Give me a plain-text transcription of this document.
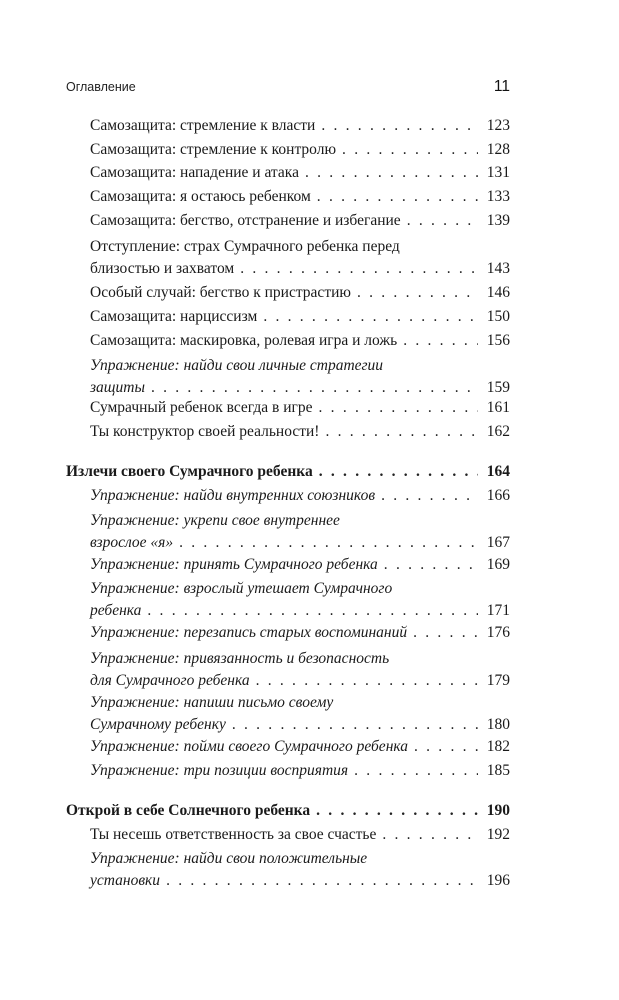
Оглавление	11
Самозащита: стремление к власти . . .	123
Самозащита: стремление к контролю . . .	128
Самозащита: нападение и атака . . .	131
Самозащита: я остаюсь ребенком . . .	133
Самозащита: бегство, отстранение и избегание . . .	139
Отступление: страх Сумрачного ребенка перед
близостью и захватом . . .	143
Особый случай: бегство к пристрастию . . .	146
Самозащита: нарциссизм . . .	150
Самозащита: маскировка, ролевая игра и ложь . . .	156
Упражнение: найди свои личные стратегии
защиты . . .	159
Сумрачный ребенок всегда в игре . . .	161
Ты конструктор своей реальности! . . .	162
Излечи своего Сумрачного ребенка . . .	164
Упражнение: найди внутренних союзников . . .	166
Упражнение: укрепи свое внутреннее
взрослое «я» . . .	167
Упражнение: принять Сумрачного ребенка . . .	169
Упражнение: взрослый утешает Сумрачного
ребенка . . .	171
Упражнение: перезапись старых воспоминаний . . .	176
Упражнение: привязанность и безопасность
для Сумрачного ребенка . . .	179
Упражнение: напиши письмо своему
Сумрачному ребенку . . .	180
Упражнение: пойми своего Сумрачного ребенка . . .	182
Упражнение: три позиции восприятия . . .	185
Открой в себе Солнечного ребенка . . .	190
Ты несешь ответственность за свое счастье . . .	192
Упражнение: найди свои положительные
установки . . .	196
